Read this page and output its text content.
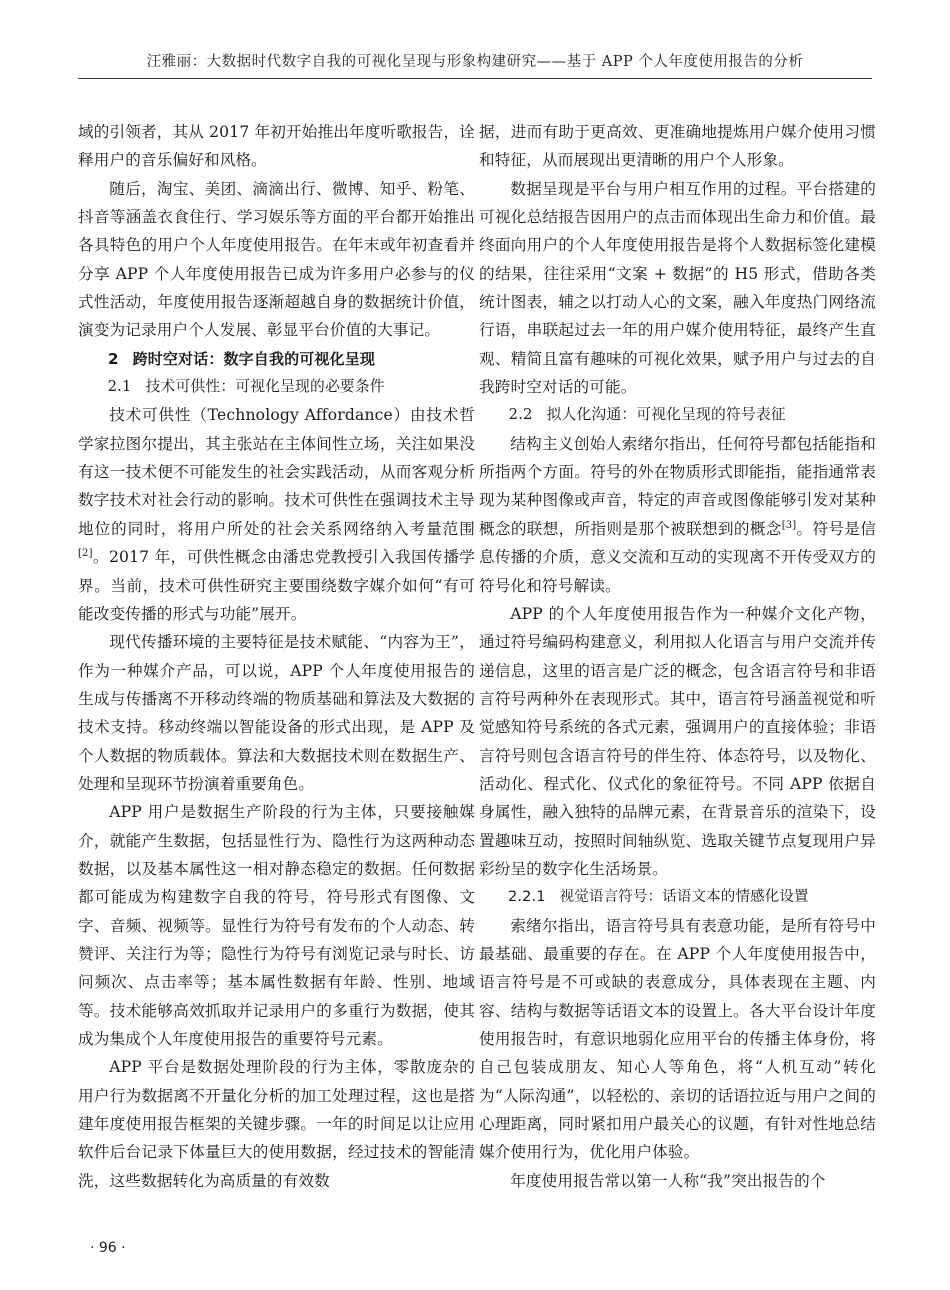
汪雅丽：大数据时代数字自我的可视化呈现与形象构建研究——基于 APP 个人年度使用报告的分析

域的引领者，其从 2017 年初开始推出年度听歌报告，诠释用户的音乐偏好和风格。

随后，淘宝、美团、滴滴出行、微博、知乎、粉笔、抖音等涵盖衣食住行、学习娱乐等方面的平台都开始推出各具特色的用户个人年度使用报告。在年末或年初查看并分享 APP 个人年度使用报告已成为许多用户必参与的仪式性活动，年度使用报告逐渐超越自身的数据统计价值，演变为记录用户个人发展、彰显平台价值的大事记。

2 跨时空对话：数字自我的可视化呈现
2.1 技术可供性：可视化呈现的必要条件

技术可供性（Technology Affordance）由技术哲学家拉图尔提出，其主张站在主体间性立场，关注如果没有这一技术便不可能发生的社会实践活动，从而客观分析数字技术对社会行动的影响。技术可供性在强调技术主导地位的同时，将用户所处的社会关系网络纳入考量范围[2]。2017 年，可供性概念由潘忠党教授引入我国传播学界。当前，技术可供性研究主要围绕数字媒介如何“有可能改变传播的形式与功能”展开。

现代传播环境的主要特征是技术赋能、“内容为王”，作为一种媒介产品，可以说，APP 个人年度使用报告的生成与传播离不开移动终端的物质基础和算法及大数据的技术支持。移动终端以智能设备的形式出现，是 APP 及个人数据的物质载体。算法和大数据技术则在数据生产、处理和呈现环节扮演着重要角色。

APP 用户是数据生产阶段的行为主体，只要接触媒介，就能产生数据，包括显性行为、隐性行为这两种动态数据，以及基本属性这一相对静态稳定的数据。任何数据都可能成为构建数字自我的符号，符号形式有图像、文字、音频、视频等。显性行为符号有发布的个人动态、转赞评、关注行为等；隐性行为符号有浏览记录与时长、访问频次、点击率等；基本属性数据有年龄、性别、地域等。技术能够高效抓取并记录用户的多重行为数据，使其成为集成个人年度使用报告的重要符号元素。

APP 平台是数据处理阶段的行为主体，零散庞杂的用户行为数据离不开量化分析的加工处理过程，这也是搭建年度使用报告框架的关键步骤。一年的时间足以让应用软件后台记录下体量巨大的使用数据，经过技术的智能清洗，这些数据转化为高质量的有效数

据，进而有助于更高效、更准确地提炼用户媒介使用习惯和特征，从而展现出更清晰的用户个人形象。

数据呈现是平台与用户相互作用的过程。平台搭建的可视化总结报告因用户的点击而体现出生命力和价值。最终面向用户的个人年度使用报告是将个人数据标签化建模的结果，往往采用“文案 + 数据”的 H5 形式，借助各类统计图表，辅之以打动人心的文案，融入年度热门网络流行语，串联起过去一年的用户媒介使用特征，最终产生直观、精简且富有趣味的可视化效果，赋予用户与过去的自我跨时空对话的可能。

2.2 拟人化沟通：可视化呈现的符号表征

结构主义创始人索绪尔指出，任何符号都包括能指和所指两个方面。符号的外在物质形式即能指，能指通常表现为某种图像或声音，特定的声音或图像能够引发对某种概念的联想，所指则是那个被联想到的概念[3]。符号是信息传播的介质，意义交流和互动的实现离不开传受双方的符号化和符号解读。

APP 的个人年度使用报告作为一种媒介文化产物，通过符号编码构建意义，利用拟人化语言与用户交流并传递信息，这里的语言是广泛的概念，包含语言符号和非语言符号两种外在表现形式。其中，语言符号涵盖视觉和听觉感知符号系统的各式元素，强调用户的直接体验；非语言符号则包含语言符号的伴生符、体态符号，以及物化、活动化、程式化、仪式化的象征符号。不同 APP 依据自身属性，融入独特的品牌元素，在背景音乐的渲染下，设置趣味互动，按照时间轴纵览、选取关键节点复现用户异彩纷呈的数字化生活场景。

2.2.1 视觉语言符号：话语文本的情感化设置

索绪尔指出，语言符号具有表意功能，是所有符号中最基础、最重要的存在。在 APP 个人年度使用报告中，语言符号是不可或缺的表意成分，具体表现在主题、内容、结构与数据等话语文本的设置上。各大平台设计年度使用报告时，有意识地弱化应用平台的传播主体身份，将自己包装成朋友、知心人等角色，将“人机互动”转化为“人际沟通”，以轻松的、亲切的话语拉近与用户之间的心理距离，同时紧扣用户最关心的议题，有针对性地总结媒介使用行为，优化用户体验。

年度使用报告常以第一人称“我”突出报告的个

· 96 ·
